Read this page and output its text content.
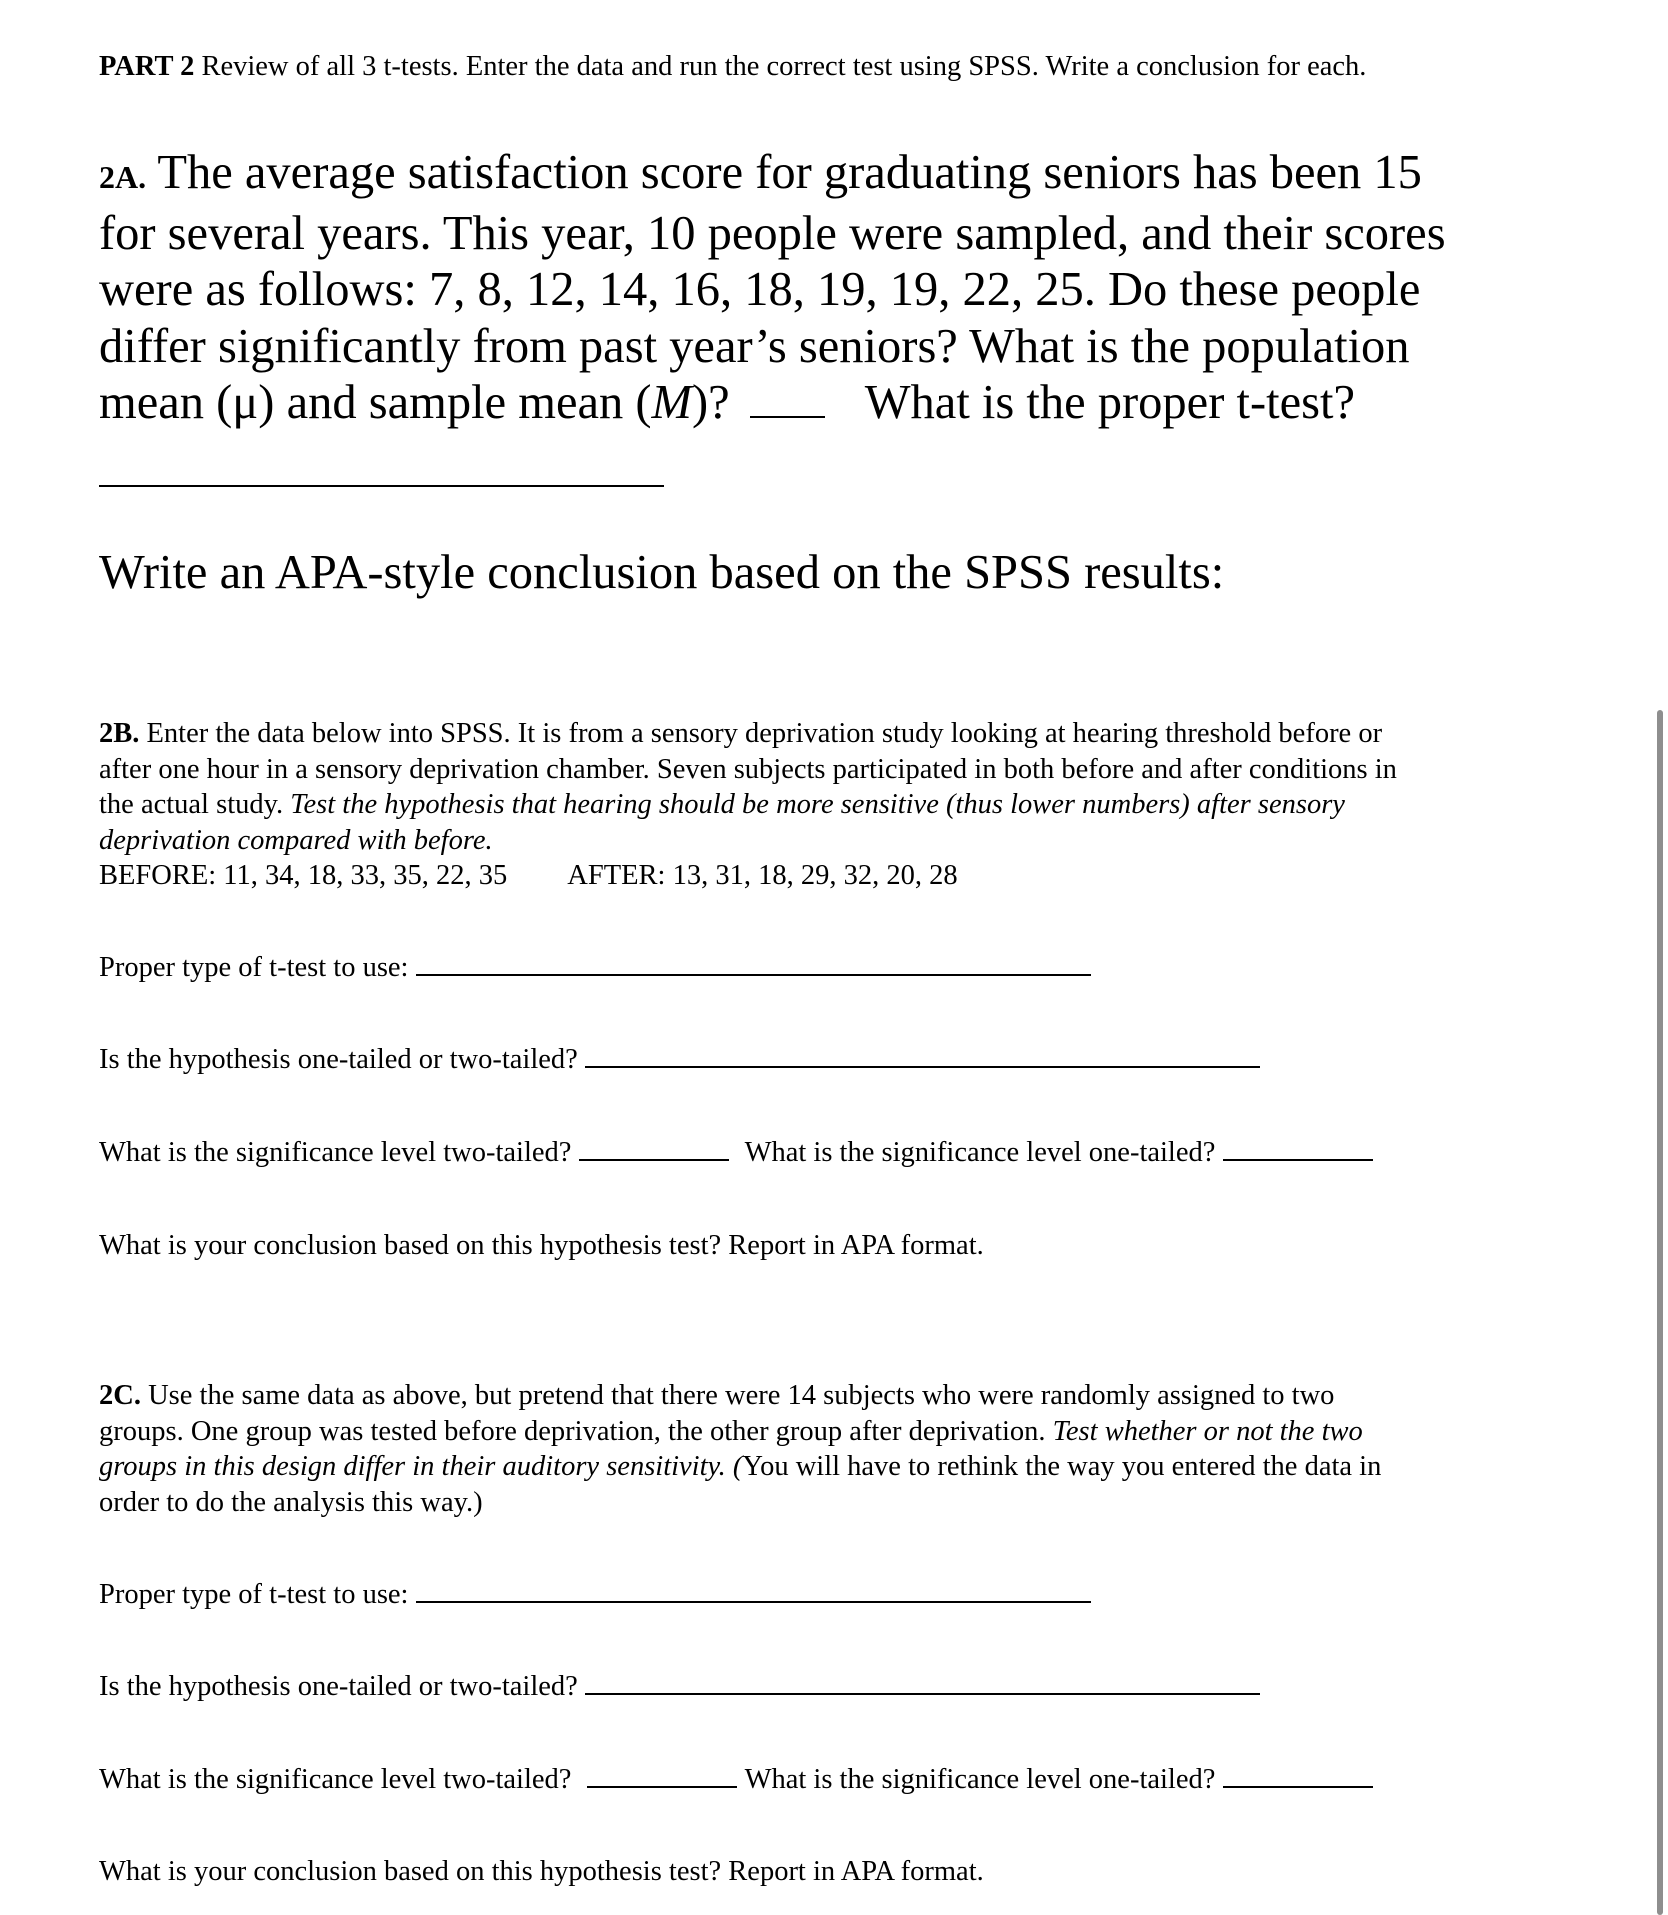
PART 2 Review of all 3 t-tests. Enter the data and run the correct test using SPSS. Write a conclusion for each.

2A. The average satisfaction score for graduating seniors has been 15
for several years. This year, 10 people were sampled, and their scores
were as follows: 7, 8, 12, 14, 16, 18, 19, 19, 22, 25. Do these people
differ significantly from past year’s seniors? What is the population
mean (μ) and sample mean (M)?	What is the proper t-test?

Write an APA-style conclusion based on the SPSS results:

2B. Enter the data below into SPSS. It is from a sensory deprivation study looking at hearing threshold before or
after one hour in a sensory deprivation chamber. Seven subjects participated in both before and after conditions in
the actual study. Test the hypothesis that hearing should be more sensitive (thus lower numbers) after sensory
deprivation compared with before.
BEFORE: 11, 34, 18, 33, 35, 22, 35 AFTER: 13, 31, 18, 29, 32, 20, 28

Proper type of t-test to use:

Is the hypothesis one-tailed or two-tailed?

What is the significance level two-tailed?	What is the significance level one-tailed?

What is your conclusion based on this hypothesis test? Report in APA format.

2C. Use the same data as above, but pretend that there were 14 subjects who were randomly assigned to two
groups. One group was tested before deprivation, the other group after deprivation. Test whether or not the two
groups in this design differ in their auditory sensitivity. (You will have to rethink the way you entered the data in
order to do the analysis this way.)

Proper type of t-test to use:

Is the hypothesis one-tailed or two-tailed?

What is the significance level two-tailed?	What is the significance level one-tailed?

What is your conclusion based on this hypothesis test? Report in APA format.
